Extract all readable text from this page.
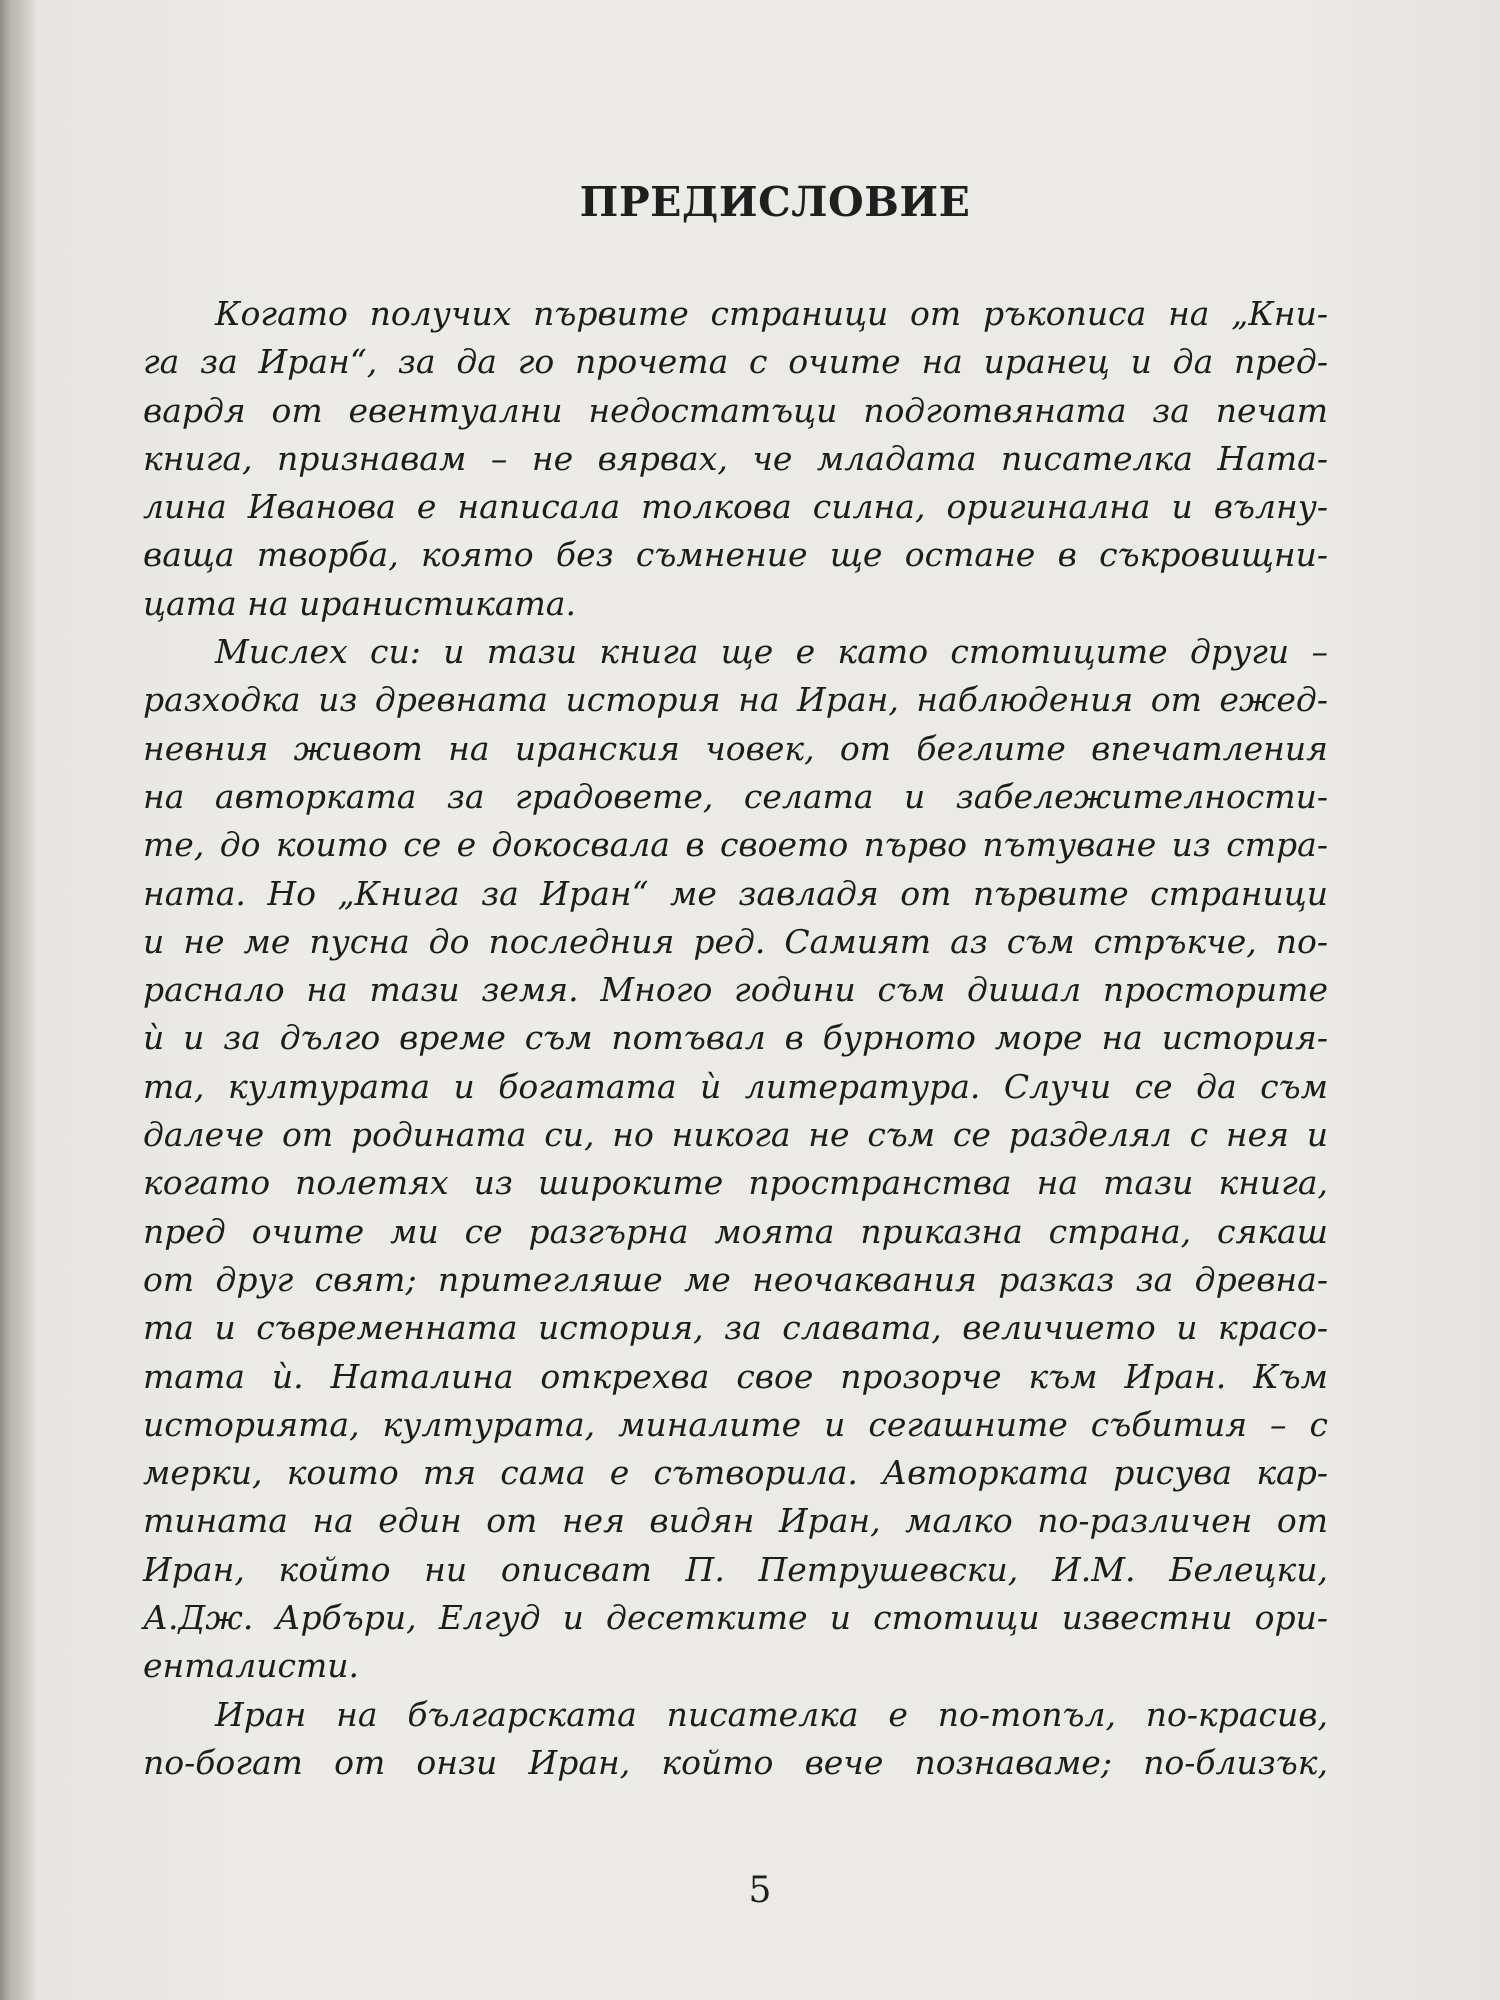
ПРЕДИСЛОВИЕ
Когато получих първите страници от ръкописа на „Кни-
га за Иран“, за да го прочета с очите на иранец и да пред-
вардя от евентуални недостатъци подготвяната за печат
книга, признавам – не вярвах, че младата писателка Ната-
лина Иванова е написала толкова силна, оригинална и вълну-
ваща творба, която без съмнение ще остане в съкровищни-
цата на иранистиката.
Мислех си: и тази книга ще е като стотиците други –
разходка из древната история на Иран, наблюдения от ежед-
невния живот на иранския човек, от беглите впечатления
на авторката за градовете, селата и забележителности-
те, до които се е докосвала в своето първо пътуване из стра-
ната. Но „Книга за Иран“ ме завладя от първите страници
и не ме пусна до последния ред. Самият аз съм стръкче, по-
раснало на тази земя. Много години съм дишал просторите
ѝ и за дълго време съм потъвал в бурното море на история-
та, културата и богатата ѝ литература. Случи се да съм
далече от родината си, но никога не съм се разделял с нея и
когато полетях из широките пространства на тази книга,
пред очите ми се разгърна моята приказна страна, сякаш
от друг свят; притегляше ме неочаквания разказ за древна-
та и съвременната история, за славата, величието и красо-
тата ѝ. Наталина открехва свое прозорче към Иран. Към
историята, културата, миналите и сегашните събития – с
мерки, които тя сама е сътворила. Авторката рисува кар-
тината на един от нея видян Иран, малко по-различен от
Иран, който ни описват П. Петрушевски, И.М. Белецки,
А.Дж. Арбъри, Елгуд и десетките и стотици известни ори-
енталисти.
Иран на българската писателка е по-топъл, по-красив,
по-богат от онзи Иран, който вече познаваме; по-близък,
5
